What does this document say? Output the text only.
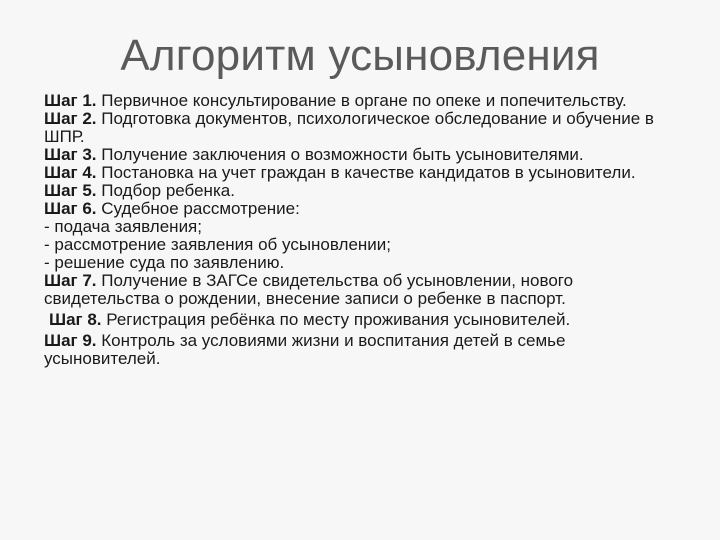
Алгоритм усыновления

Шаг 1. Первичное консультирование в органе по опеке и попечительству.

Шаг 2. Подготовка документов, психологическое обследование и обучение в ШПР.

Шаг 3. Получение заключения о возможности быть усыновителями.

Шаг 4. Постановка на учет граждан в качестве кандидатов в усыновители.

Шаг 5. Подбор ребенка.

Шаг 6. Судебное рассмотрение:

- подача заявления;

- рассмотрение заявления об усыновлении;

- решение суда по заявлению.

Шаг 7. Получение в ЗАГСе свидетельства об усыновлении, нового свидетельства о рождении, внесение записи о ребенке в паспорт.

Шаг 8. Регистрация ребёнка по месту проживания усыновителей.

Шаг 9. Контроль за условиями жизни и воспитания детей в семье усыновителей.
